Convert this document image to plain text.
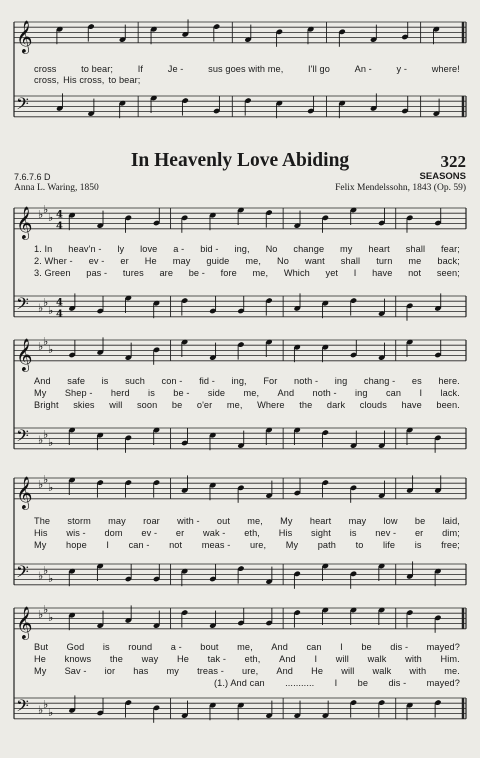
𝄞
𝄢
𝄞
𝄢
♭
♭
♭
♭
♭
♭
4
4
4
4
𝄞
𝄢
♭
♭
♭
♭
♭
♭
𝄞
𝄢
♭
♭
♭
♭
♭
♭
𝄞
𝄢
♭
♭
♭
♭
♭
♭
cross	to bear;	If	Je -	sus goes with me,	I'll go	An -	y -	where!
cross, His cross, to bear;
In Heavenly Love Abiding	322
SEASONS
7.6.7.6 D
Anna L. Waring, 1850	Felix Mendelssohn, 1843 (Op. 59)
1. In heav'n - ly love a - bid - ing, No change my heart shall fear;
2. Wher - ev - er He may guide me, No want shall turn me back;
3. Green pas - tures are be - fore me, Which yet I have not seen;
And safe is such con - fid - ing, For noth - ing chang - es here.
My Shep - herd is be - side me, And noth - ing can I lack.
Bright skies will soon be o'er me, Where the dark clouds have been.
The storm may roar with - out me, My heart may low be laid,
His wis - dom ev - er wak - eth, His sight is nev - er dim;
My hope I can - not meas - ure, My path to life is free;
But God is round a - bout me, And can I be dis - mayed?
He knows the way He tak - eth, And I will walk with Him.
My Sav - ior has my treas - ure, And He will walk with me.
(1.) And can ........... I be dis - mayed?
